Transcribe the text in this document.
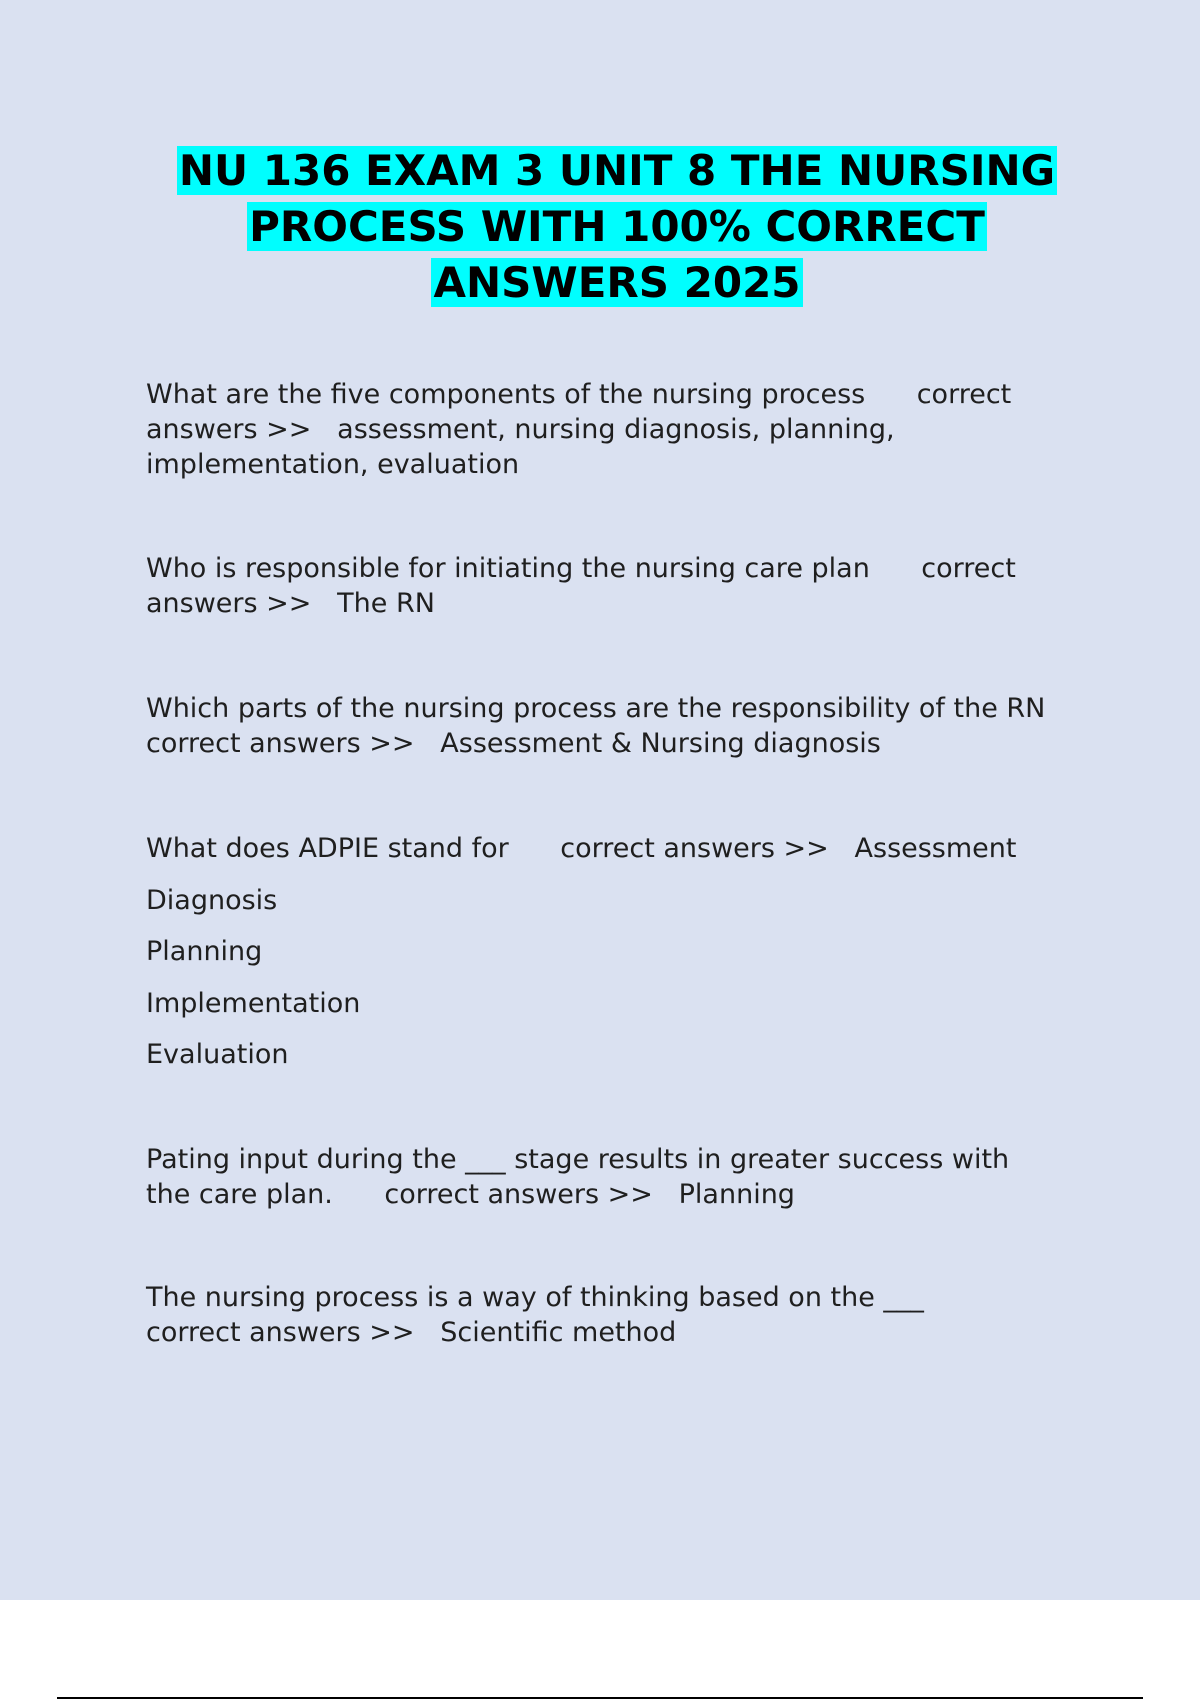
NU 136 EXAM 3 UNIT 8 THE NURSING
PROCESS WITH 100% CORRECT
ANSWERS 2025
What are the five components of the nursing process      correct
answers >>   assessment, nursing diagnosis, planning,
implementation, evaluation
Who is responsible for initiating the nursing care plan      correct
answers >>   The RN
Which parts of the nursing process are the responsibility of the RN
correct answers >>   Assessment & Nursing diagnosis
What does ADPIE stand for      correct answers >>   Assessment
Diagnosis
Planning
Implementation
Evaluation
Pating input during the ___ stage results in greater success with
the care plan.      correct answers >>   Planning
The nursing process is a way of thinking based on the ___
correct answers >>   Scientific method
